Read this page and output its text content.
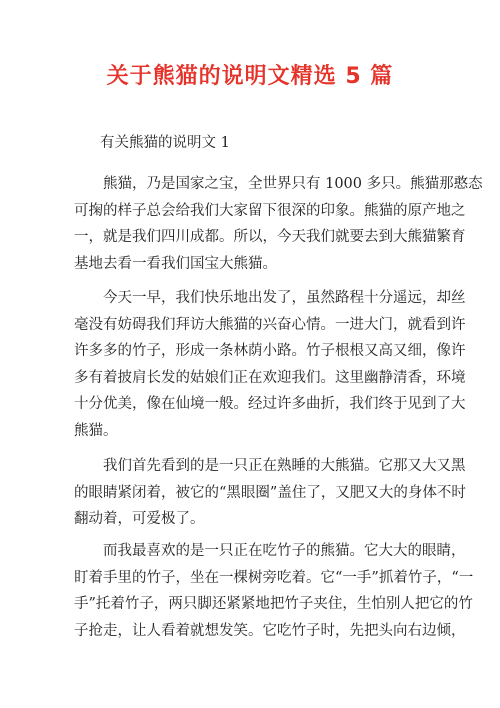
关于熊猫的说明文精选 5 篇
有关熊猫的说明文 1
　　熊猫，乃是国家之宝，全世界只有 1000 多只。熊猫那憨态
可掬的样子总会给我们大家留下很深的印象。熊猫的原产地之
一，就是我们四川成都。所以，今天我们就要去到大熊猫繁育
基地去看一看我们国宝大熊猫。
　　今天一早，我们快乐地出发了，虽然路程十分遥远，却丝
毫没有妨碍我们拜访大熊猫的兴奋心情。一进大门，就看到许
许多多的竹子，形成一条林荫小路。竹子根根又高又细，像许
多有着披肩长发的姑娘们正在欢迎我们。这里幽静清香，环境
十分优美，像在仙境一般。经过许多曲折，我们终于见到了大
熊猫。
　　我们首先看到的是一只正在熟睡的大熊猫。它那又大又黑
的眼睛紧闭着，被它的“黑眼圈”盖住了，又肥又大的身体不时
翻动着，可爱极了。
　　而我最喜欢的是一只正在吃竹子的熊猫。它大大的眼睛，
盯着手里的竹子，坐在一棵树旁吃着。它“一手”抓着竹子，“一
手”托着竹子，两只脚还紧紧地把竹子夹住，生怕别人把它的竹
子抢走，让人看着就想发笑。它吃竹子时，先把头向右边倾，
